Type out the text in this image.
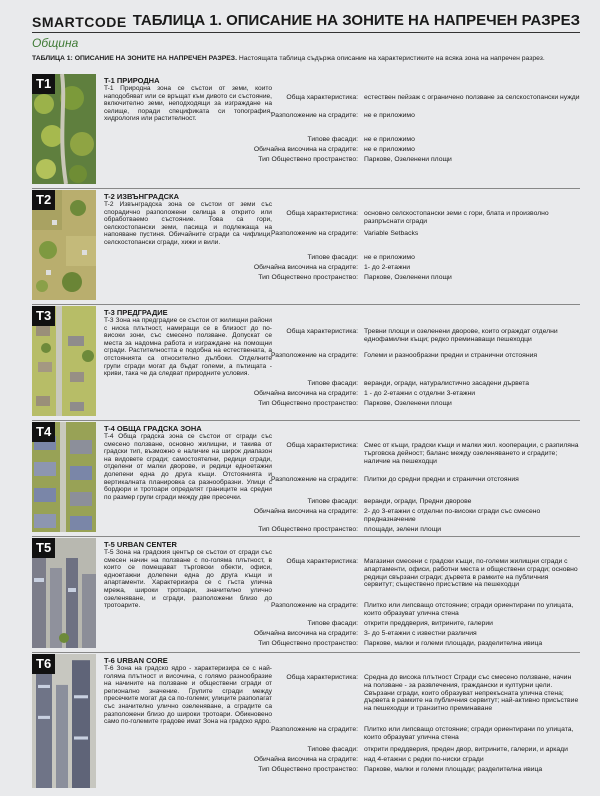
SMARTCODE ТАБЛИЦА 1. ОПИСАНИЕ НА ЗОНИТЕ НА НАПРЕЧЕН РАЗРЕЗ
Община
ТАБЛИЦА 1: ОПИСАНИЕ НА ЗОНИТЕ НА НАПРЕЧЕН РАЗРЕЗ. Настоящата таблица съдържа описание на характеристиките на всяка зона на напречен разрез.
T1	T-1 ПРИРОДНА
T-1 Природна зона се състои от земи, които наподобяват или се връщат към дивото си състояние, включително земи, неподходящи за изграждане на селище, поради спецификата си топография, хидрология или растителност.
Обща характеристика: естествен пейзаж с ограничено ползване за селскостопански нужди
Разположение на сградите: не е приложимо
Типове фасади: не е приложимо
Обичайна височина на сградите: не е приложимо
Тип Обществено пространство: Паркове, Озеленени площи
T2	T-2 ИЗВЪНГРАДСКА
T-2 Извънградска зона се състои от земи със спорадично разположени селища в открито или обработваемо състояние. Това са гори, селскостопански земи, пасища и подлежаща на напояване пустиня. Обичайните сгради са чифлици, селскостопански сгради, хижи и вили.
Обща характеристика: основно селскостопански земи с гори, блата и произволно разпръснати сгради
Разположение на сградите: Variable Setbacks
Типове фасади: не е приложимо
Обичайна височина на сградите: 1- до 2-етажни
Тип Обществено пространство: Паркове, Озеленени площи
T3	T-3 ПРЕДГРАДИЕ
T-3 Зона на предградие се състои от жилищни райони с ниска плътност, намиращи се в близост до по-високи зони, със смесено ползване. Допускат се места за надомна работа и изграждане на помощни сгради. Растителността е подобна на естествената, а отстоянията са относително дълбоки. Отделните групи сгради могат да бъдат големи, а пътищата - криви, така че да следват природните условия.
Обща характеристика: Тревни площи и озеленени дворове, които ограждат отделни еднофамилни къщи; редко преминаващи пешеходци
Разположение на сградите: Големи и разнообразни предни и странични отстояния
Типове фасади: веранди, огради, натуралистично засадени дървета
Обичайна височина на сградите: 1 - до 2-етажни с отделни 3-етажни
Тип Обществено пространство: Паркове, Озеленени площи
T4	T-4 ОБЩА ГРАДСКА ЗОНА
T-4 Обща градска зона се състои от сгради със смесено ползване, основно жилищни, и такива от градски тип, възможно е наличие на широк диапазон на видовете сгради; самостоятелни, редици сгради, отделени от малки дворове, и редици едноетажни долепени една до друга къщи. Отстоянията и вертикалната планировка са разнообразни. Улици с бордюри и тротоари определят границите на средни по размер групи сгради между две пресечки.
Обща характеристика: Смес от къщи, градски къщи и малки жил. кооперации, с разпиляна търговска дейност; баланс между озеленяването и сградите; наличие на пешеходци
Разположение на сградите: Плитки до средни предни и странични отстояния
Типове фасади: веранди, огради, Предни дворове
Обичайна височина на сградите: 2- до 3-етажни с отделни по-високи сгради със смесено предназначение
Тип Обществено пространство: площади, зелени площи
T5	T-5 URBAN CENTER
T-5 Зона на градския център се състои от сгради със смесен начин на ползване с по-голяма плътност, в които се помещават търговски обекти, офиси, едноетажни долепени една до друга къщи и апартаменти. Характеризира се с гъста улична мрежа, широки тротоари, значително улично озеленяване, и сгради, разположени близо до тротоарите.
Обща характеристика: Магазини смесени с градски къщи, по-големи жилищни сгради с апартаменти, офиси, работни места и обществени сгради; основно редици свързани сгради; дървета в рамките на публичния сервитут; съществено присъствие на пешеходци
Разположение на сградите: Плитко или липсващо отстояние; сгради ориентирани по улицата, които образуват улична стена
Типове фасади: открити преддверия, витрините, галерии
Обичайна височина на сградите: 3- до 5-етажни с известни различия
Тип Обществено пространство: Паркове, малки и големи площади, разделителна ивица
T6	T-6 URBAN CORE
T-6 Зона на градско ядро - характеризира се с най-голяма плътност и височина, с голямо разнообразие на начините на ползване и обществени сгради от регионално значение. Групите сгради между пресечките могат да са по-големи; улиците разполагат със значително улично озеленяване, а сградите са разположени близо до широки тротоари. Обикновено само по-големите градове имат Зона на градско ядро.
Обща характеристика: Средна до висока плътност Сгради със смесено ползване, начин на ползване - за развлечения, граждански и културни цели. Свързани сгради, които образуват непрекъсната улична стена; дървета в рамките на публичния сервитут; най-активно присъствие на пешеходци и транзитно преминаване
Разположение на сградите: Плитко или липсващо отстояние; сгради ориентирани по улицата, които образуват улична стена
Типове фасади: открити преддверия, преден двор, витрините, галерии, и аркади
Обичайна височина на сградите: над 4-етажни с редки по-ниски сгради
Тип Обществено пространство: Паркове, малки и големи площади; разделителна ивица
